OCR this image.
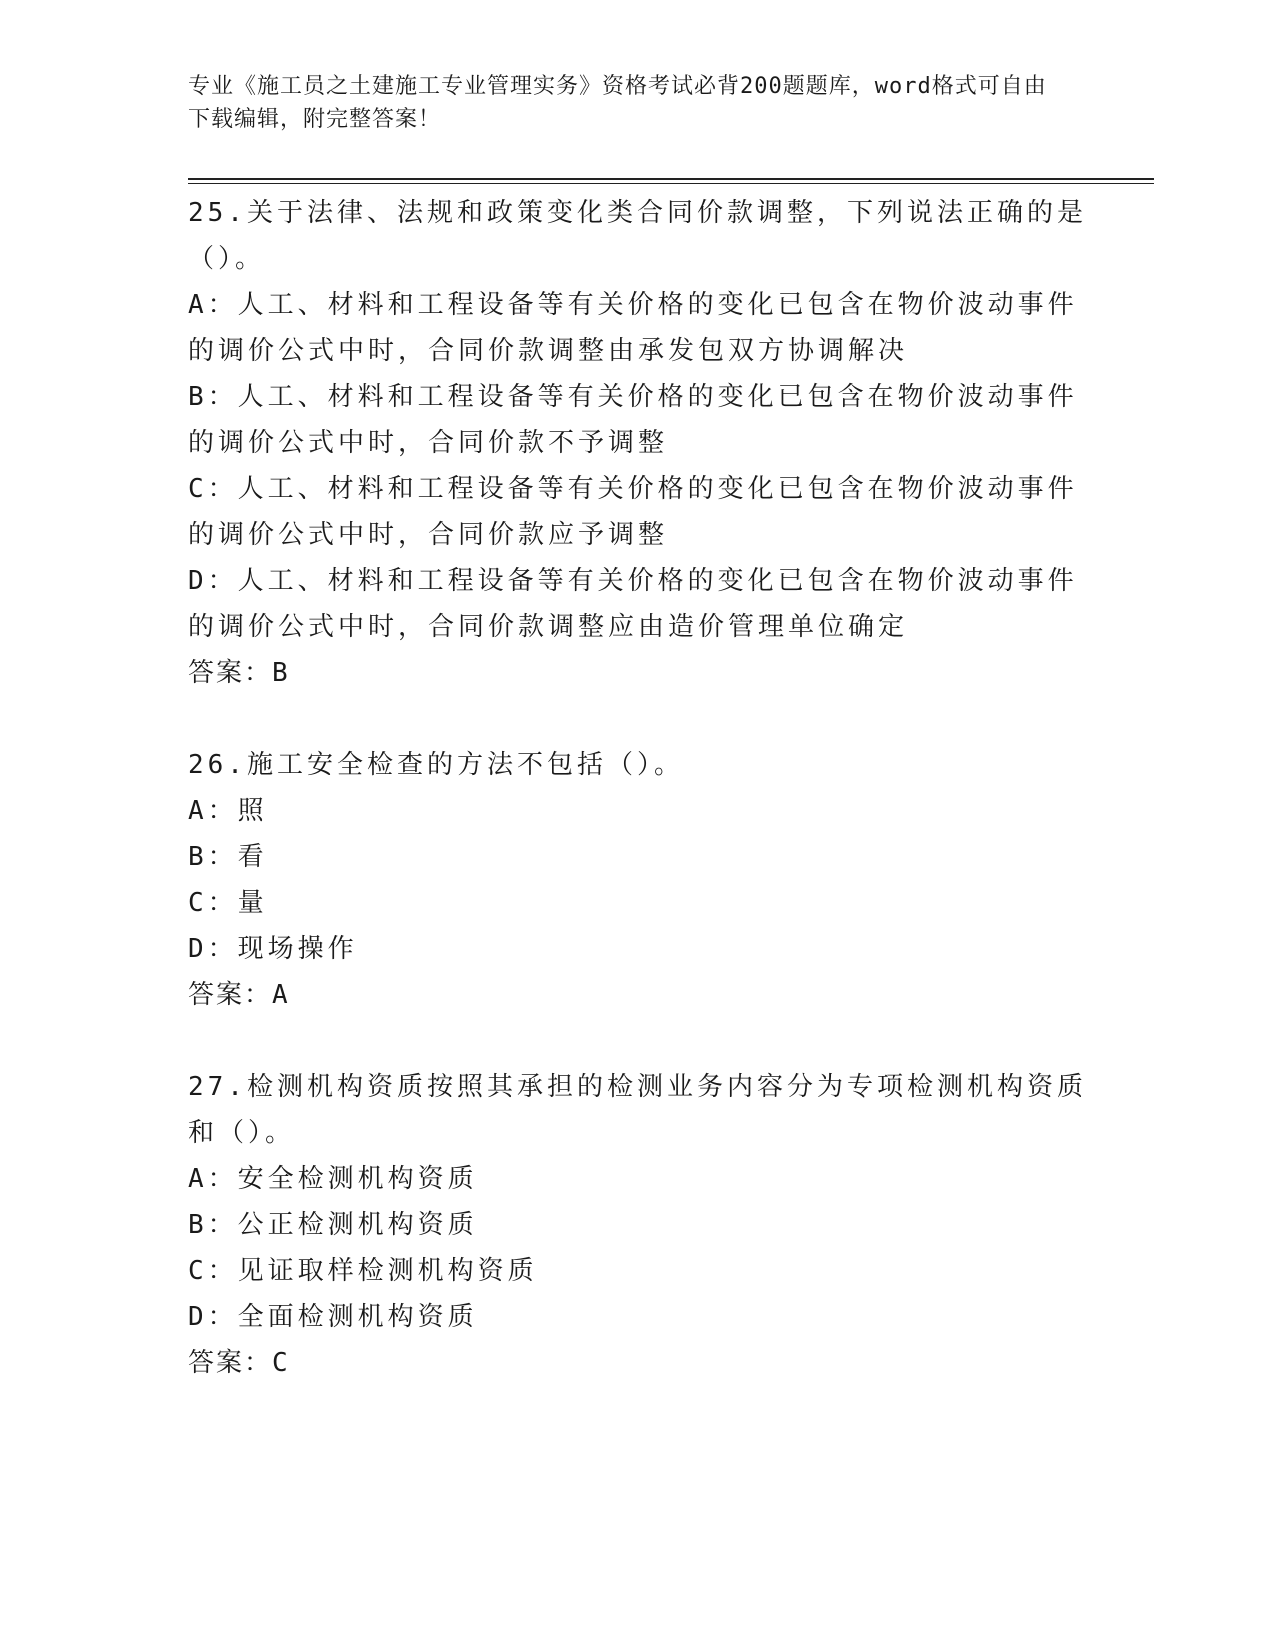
专业《施工员之土建施工专业管理实务》资格考试必背200题题库，word格式可自由下载编辑，附完整答案！
25.关于法律、法规和政策变化类合同价款调整，下列说法正确的是（）。
A：人工、材料和工程设备等有关价格的变化已包含在物价波动事件的调价公式中时，合同价款调整由承发包双方协调解决
B：人工、材料和工程设备等有关价格的变化已包含在物价波动事件的调价公式中时，合同价款不予调整
C：人工、材料和工程设备等有关价格的变化已包含在物价波动事件的调价公式中时，合同价款应予调整
D：人工、材料和工程设备等有关价格的变化已包含在物价波动事件的调价公式中时，合同价款调整应由造价管理单位确定
答案：B
26.施工安全检查的方法不包括（）。
A：照
B：看
C：量
D：现场操作
答案：A
27.检测机构资质按照其承担的检测业务内容分为专项检测机构资质和（）。
A：安全检测机构资质
B：公正检测机构资质
C：见证取样检测机构资质
D：全面检测机构资质
答案：C
